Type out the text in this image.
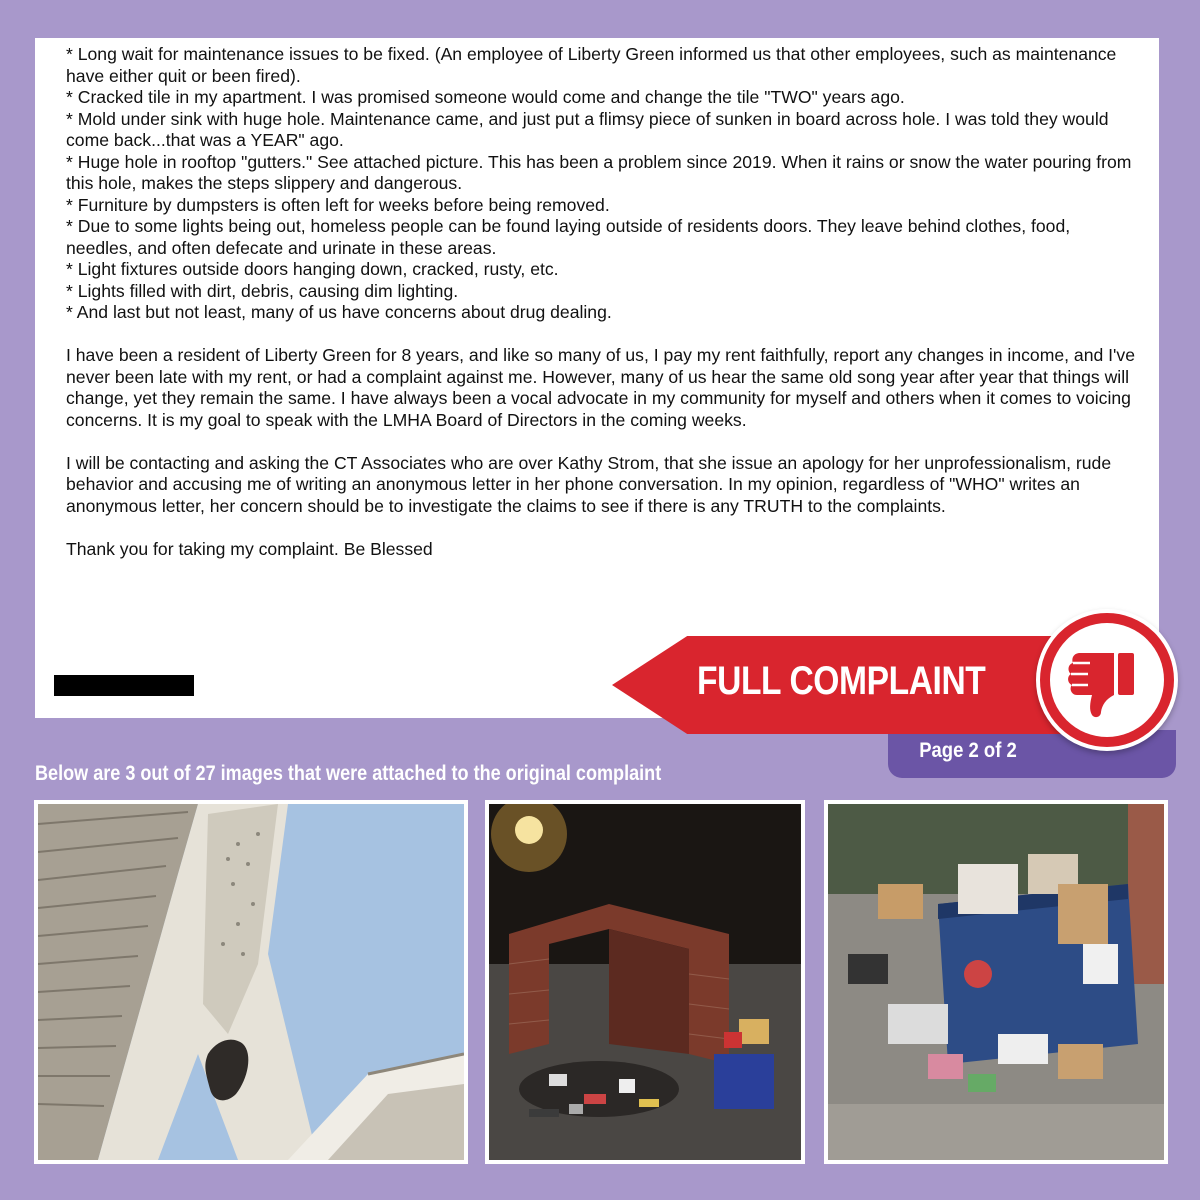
* Long wait for maintenance issues to be fixed. (An employee of Liberty Green informed us that other employees, such as maintenance have either quit or been fired).

* Cracked tile in my apartment. I was promised someone would come and change the tile "TWO" years ago.

* Mold under sink with huge hole. Maintenance came, and just put a flimsy piece of sunken in board across hole. I was told they would come back...that was a YEAR" ago.

* Huge hole in rooftop "gutters." See attached picture. This has been a problem since 2019. When it rains or snow the water pouring from this hole, makes the steps slippery and dangerous.

* Furniture by dumpsters is often left for weeks before being removed.

* Due to some lights being out, homeless people can be found laying outside of residents doors. They leave behind clothes, food, needles, and often defecate and urinate in these areas.

* Light fixtures outside doors hanging down, cracked, rusty, etc.

* Lights filled with dirt, debris, causing dim lighting.

* And last but not least, many of us have concerns about drug dealing.

I have been a resident of Liberty Green for 8 years, and like so many of us, I pay my rent faithfully, report any changes in income, and I've never been late with my rent, or had a complaint against me. However, many of us hear the same old song year after year that things will change, yet they remain the same. I have always been a vocal advocate in my community for myself and others when it comes to voicing concerns. It is my goal to speak with the LMHA Board of Directors in the coming weeks.

I will be contacting and asking the CT Associates who are over Kathy Strom, that she issue an apology for her unprofessionalism, rude behavior and accusing me of writing an anonymous letter in her phone conversation. In my opinion, regardless of "WHO" writes an anonymous letter, her concern should be to investigate the claims to see if there is any TRUTH to the complaints.

Thank you for taking my complaint. Be Blessed

Page 2 of 2
FULL COMPLAINT
Below are 3 out of 27 images that were attached to the original complaint
